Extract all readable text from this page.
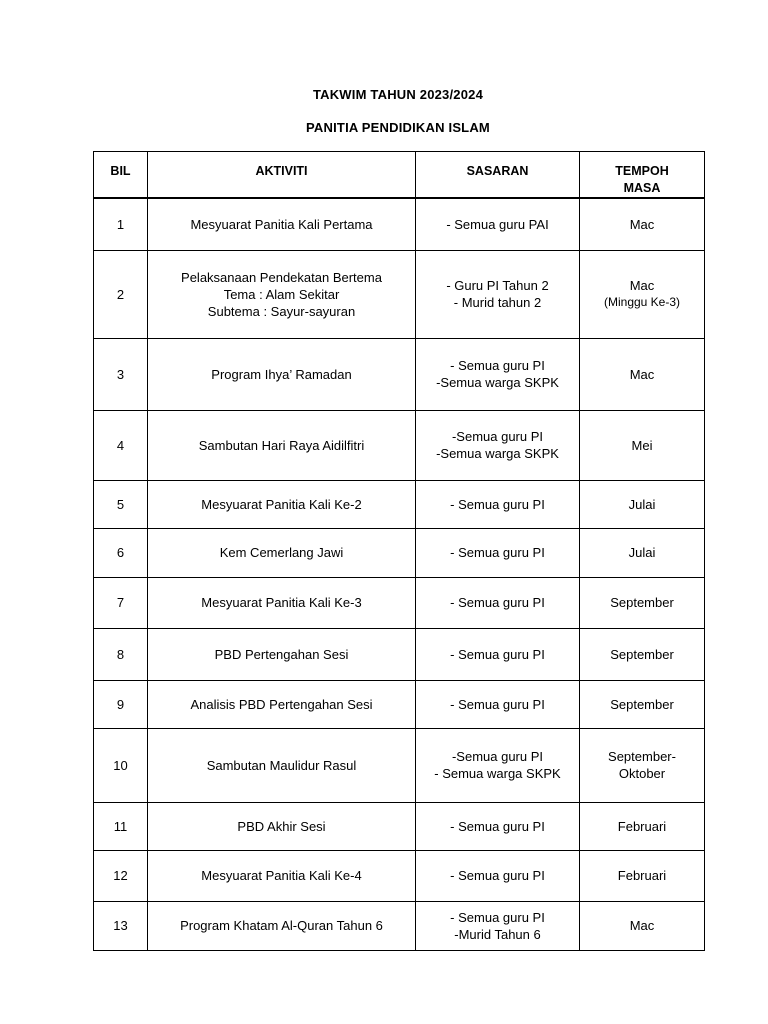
TAKWIM TAHUN 2023/2024
PANITIA PENDIDIKAN ISLAM
BIL	AKTIVITI	SASARAN	TEMPOH
MASA

1	Mesyuarat Panitia Kali Pertama	- Semua guru PAI	Mac

2	Pelaksanaan Pendekatan Bertema
Tema : Alam Sekitar
Subtema : Sayur-sayuran	- Guru PI Tahun 2
- Murid tahun 2	Mac
(Minggu Ke-3)

3	Program Ihya’ Ramadan	- Semua guru PI
-Semua warga SKPK	Mac

4	Sambutan Hari Raya Aidilfitri	-Semua guru PI
-Semua warga SKPK	Mei

5	Mesyuarat Panitia Kali Ke-2	- Semua guru PI	Julai

6	Kem Cemerlang Jawi	- Semua guru PI	Julai

7	Mesyuarat Panitia Kali Ke-3	- Semua guru PI	September

8	PBD Pertengahan Sesi	- Semua guru PI	September

9	Analisis PBD Pertengahan Sesi	- Semua guru PI	September

10	Sambutan Maulidur Rasul	-Semua guru PI
- Semua warga SKPK	September-
Oktober

11	PBD Akhir Sesi	- Semua guru PI	Februari

12	Mesyuarat Panitia Kali Ke-4	- Semua guru PI	Februari

13	Program Khatam Al-Quran Tahun 6	- Semua guru PI
-Murid Tahun 6	Mac
